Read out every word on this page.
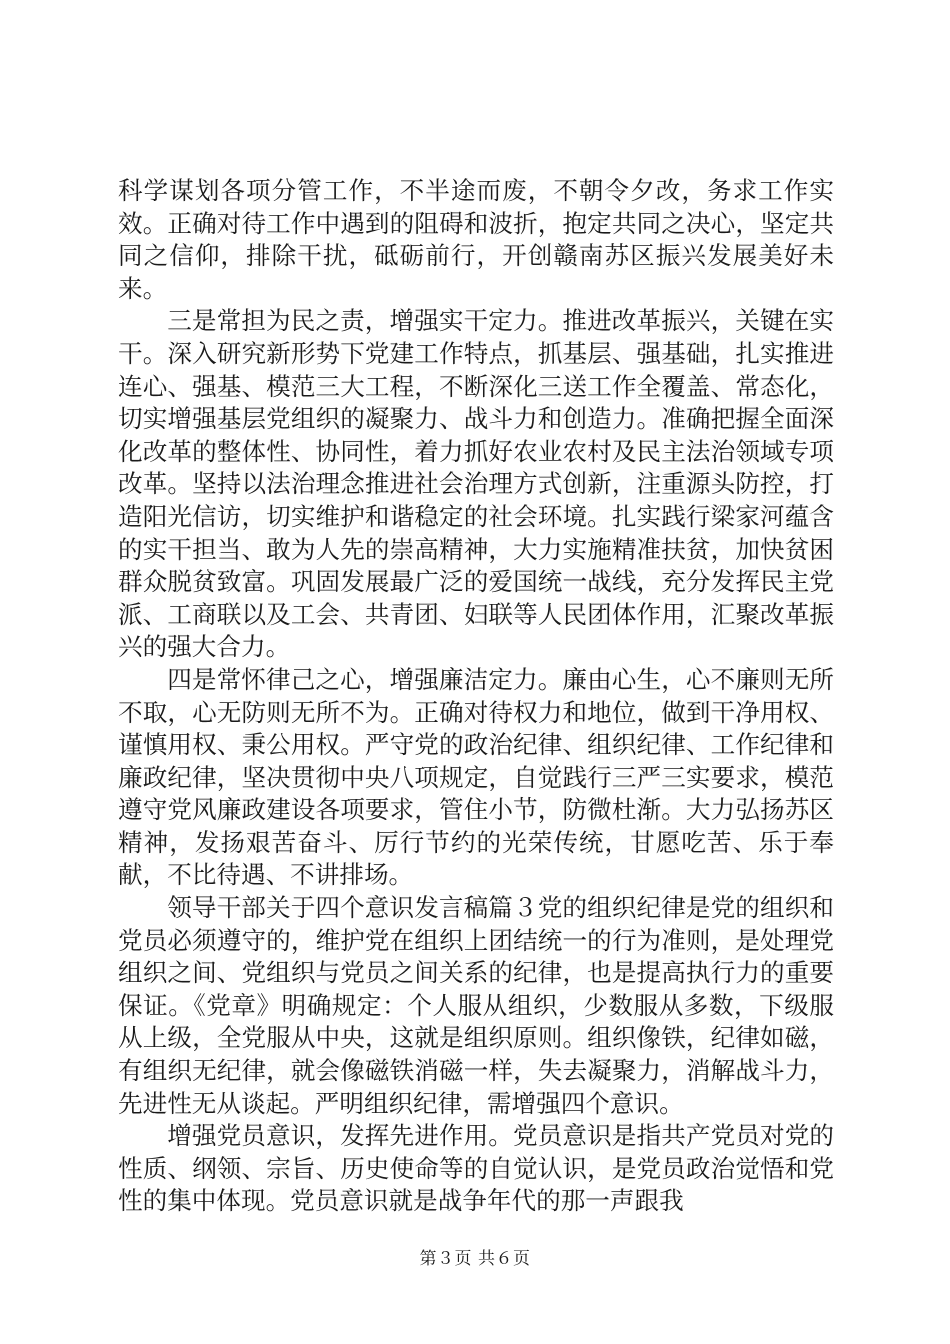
科学谋划各项分管工作，不半途而废，不朝令夕改，务求工作实效。正确对待工作中遇到的阻碍和波折，抱定共同之决心，坚定共同之信仰，排除干扰，砥砺前行，开创赣南苏区振兴发展美好未来。

三是常担为民之责，增强实干定力。推进改革振兴，关键在实干。深入研究新形势下党建工作特点，抓基层、强基础，扎实推进连心、强基、模范三大工程，不断深化三送工作全覆盖、常态化，切实增强基层党组织的凝聚力、战斗力和创造力。准确把握全面深化改革的整体性、协同性，着力抓好农业农村及民主法治领域专项改革。坚持以法治理念推进社会治理方式创新，注重源头防控，打造阳光信访，切实维护和谐稳定的社会环境。扎实践行梁家河蕴含的实干担当、敢为人先的崇高精神，大力实施精准扶贫，加快贫困群众脱贫致富。巩固发展最广泛的爱国统一战线，充分发挥民主党派、工商联以及工会、共青团、妇联等人民团体作用，汇聚改革振兴的强大合力。

四是常怀律己之心，增强廉洁定力。廉由心生，心不廉则无所不取，心无防则无所不为。正确对待权力和地位，做到干净用权、谨慎用权、秉公用权。严守党的政治纪律、组织纪律、工作纪律和廉政纪律，坚决贯彻中央八项规定，自觉践行三严三实要求，模范遵守党风廉政建设各项要求，管住小节，防微杜渐。大力弘扬苏区精神，发扬艰苦奋斗、厉行节约的光荣传统，甘愿吃苦、乐于奉献，不比待遇、不讲排场。

领导干部关于四个意识发言稿篇３党的组织纪律是党的组织和党员必须遵守的，维护党在组织上团结统一的行为准则，是处理党组织之间、党组织与党员之间关系的纪律，也是提高执行力的重要保证。《党章》明确规定：个人服从组织，少数服从多数，下级服从上级，全党服从中央，这就是组织原则。组织像铁，纪律如磁，有组织无纪律，就会像磁铁消磁一样，失去凝聚力，消解战斗力，先进性无从谈起。严明组织纪律，需增强四个意识。

增强党员意识，发挥先进作用。党员意识是指共产党员对党的性质、纲领、宗旨、历史使命等的自觉认识，是党员政治觉悟和党性的集中体现。党员意识就是战争年代的那一声跟我

第３页 共６页
